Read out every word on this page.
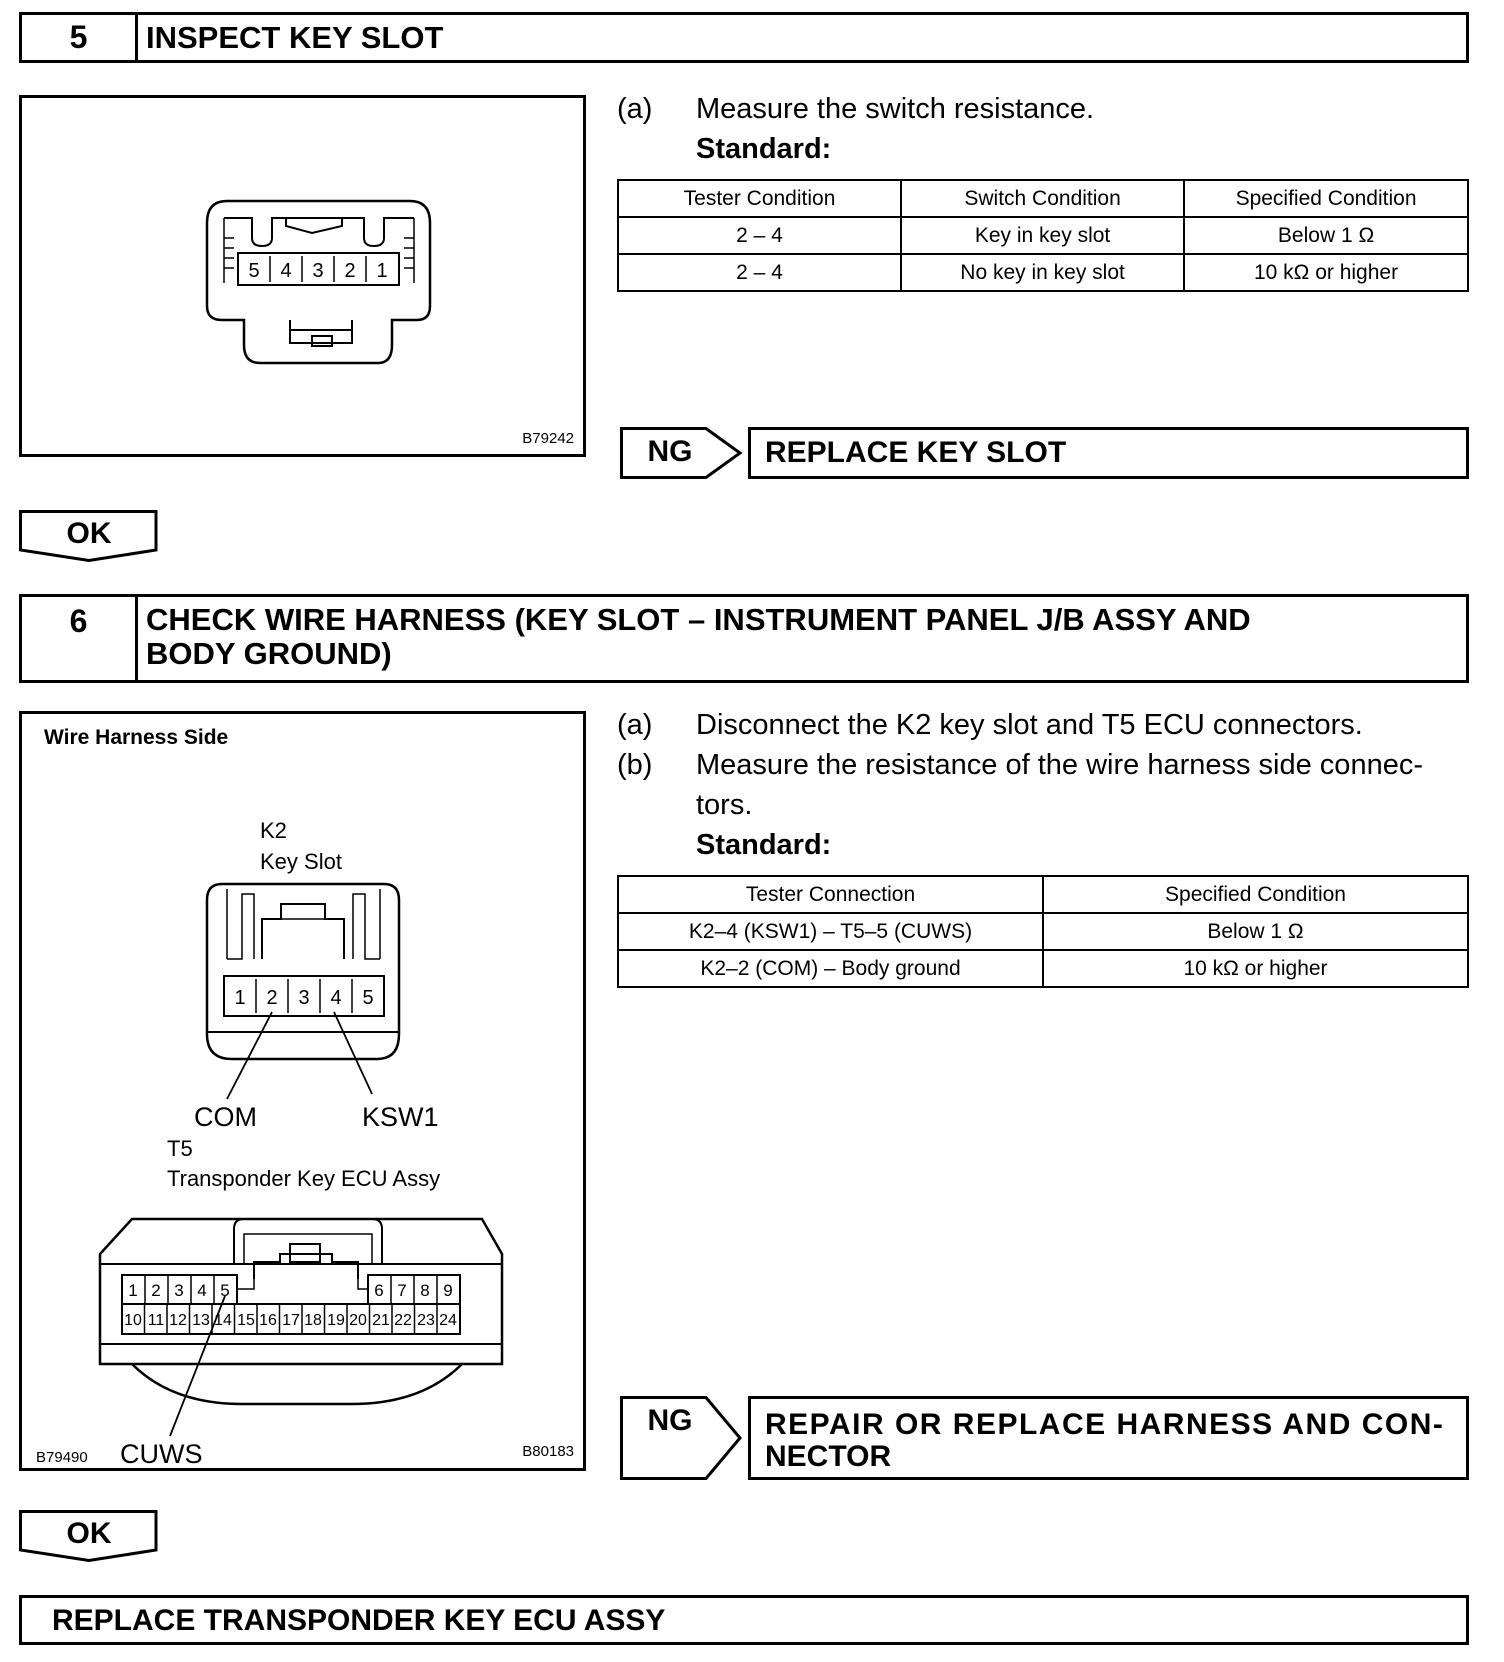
5	INSPECT KEY SLOT
5 4 3 2 1
B79242
(a) Measure the switch resistance.
Standard:
Tester Condition	Switch Condition	Specified Condition
2 – 4	Key in key slot	Below 1 Ω
2 – 4	No key in key slot	10 kΩ or higher
NG	REPLACE KEY SLOT
OK
6	CHECK WIRE HARNESS (KEY SLOT – INSTRUMENT PANEL J/B ASSY AND
BODY GROUND)
Wire Harness Side
K2
Key Slot
1 2 3 4 5
COM	KSW1
T5
Transponder Key ECU Assy
1 2 3 4 5	6 7 8 9
10 11 12 13 14 15 16 17 18 19 20 21 22 23 24
CUWS
B79490	B80183
(a) Disconnect the K2 key slot and T5 ECU connectors.
(b) Measure the resistance of the wire harness side connec-
tors.
Standard:
Tester Connection	Specified Condition
K2–4 (KSW1) – T5–5 (CUWS)	Below 1 Ω
K2–2 (COM) – Body ground	10 kΩ or higher
NG	REPAIR OR REPLACE HARNESS AND CON-
NECTOR
OK
REPLACE TRANSPONDER KEY ECU ASSY
